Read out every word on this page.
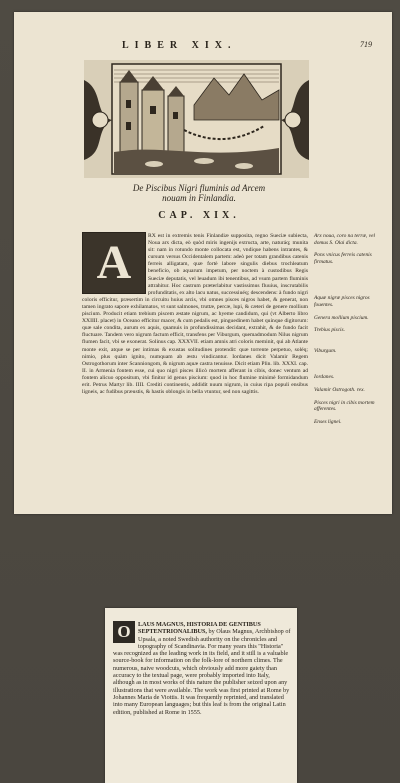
LIBER XIX.	719
De Piscibus Nigri fluminis ad Arcem
nouam in Finlandia.
CAP. XIX.
RX est in extremis tenis Finlandiæ supposita, regno Sueciæ subiecta, Noua arx dicta, eò quòd miris ingenijs extructa, arte, naturáq; munita sit: nam in rotundo monte collocata est, vndique habens intrantes, & cursum versus Occidentalem partem: adeò per totam grandibus catenis ferreis alligatam, quæ fortè labore singulis diebus trochleatum beneficio, ob aquarum impetum, per noctem à custodibus Regis Sueciæ deputatis, vel leuadum ibi tenentibus, ad vsum partem fluminis attrahitur. Hoc castrum præterlabitur vastissimus fluuius, inscrutabilis profunditatis, ex alto lacu natus, successiuéq; descendens: à fundo nigri coloris efficitur, præsertim in circuitu huius arcis, vbi omnes pisces nigros habet, & generat, non tamen ingrato sapore exhilamatos, vt sunt salmones, truttæ, percæ, lupi, & cæteri de genere mollium piscium. Producit etiam trebium piscem æstate nigrum, ac hyeme candidum, qui (vt Alberto libro XXIIII. placet) in Oceano efficitur macer, & cum pedalis est, pinguedinem habet quinque digitorum: quæ sale condita, aurum ex aquis, quamuis in profundissimas decidant, extrahit, & de fundo facit fluctuare. Tandem vero nigrum factum efficit, transfens per Viburgum, quemadmodum Nilus nigrum flumen facit, vbi se exonerat. Solinus cap. XXXVII. etiam amnis atri coloris meminit, qui ab Atlante monte exit, atque se per intimas & exustas solitudines protendit: quæ torrente perpetuo, soléq; nimio, plus quàm ignito, numquam ab æstu vindicantur. Iordanes dicit Valamir Regem Ostrogothorum inter Scanniongom, & nigrum aquæ castra tenuisse. Dicit etiam Plin. lib. XXXI. cap. II. in Armenia fontem esse, cui quo nigri pisces illicò mortem afferant in cibis, donec ventum ad fontem alicuo oppositum, vbi finitur id genus piscium: quod in hoc flumine minimè formidandum erit. Petrus Martyr lib. IIII. Crediti continentis, addidit nuum nigrum, in cuius ripa populi ensibus ligneis, ac fudibus præustis, & hastis oblongis in bella vtuntur, sed non sagittis.
A	Arx noua, coro na terræ, vel domus S. Olai dicta.
Pons vnicus ferreis catenis firmatus.
Aquæ nigræ pisces nigros fouentes.
Genera mollium piscium.
Trebius piscis.
Viburgum.
Iordanes.
Valamir Ostrogoth. rex.
Pisces nigri in cibis mortem afferentes.
Enses lignei.
O	LAUS MAGNUS, HISTORIA DE GENTIBUS SEPTENTRIONALIBUS, by Olaus Magnus, Archbishop of Upsala, a noted Swedish authority on the chronicles and topography of Scandinavia. For many years this "Historia" was recognized as the leading work in its field, and it still is a valuable source-book for information on the folk-lore of northern climes. The numerous, naive woodcuts, which obviously add more gaiety than accuracy to the textual page, were probably imported into Italy, although as in most works of this nature the publisher seized upon any illustrations that were available. The work was first printed at Rome by Johannes Maria de Viottis. It was frequently reprinted, and translated into many European languages; but this leaf is from the original Latin edition, published at Rome in 1555.
